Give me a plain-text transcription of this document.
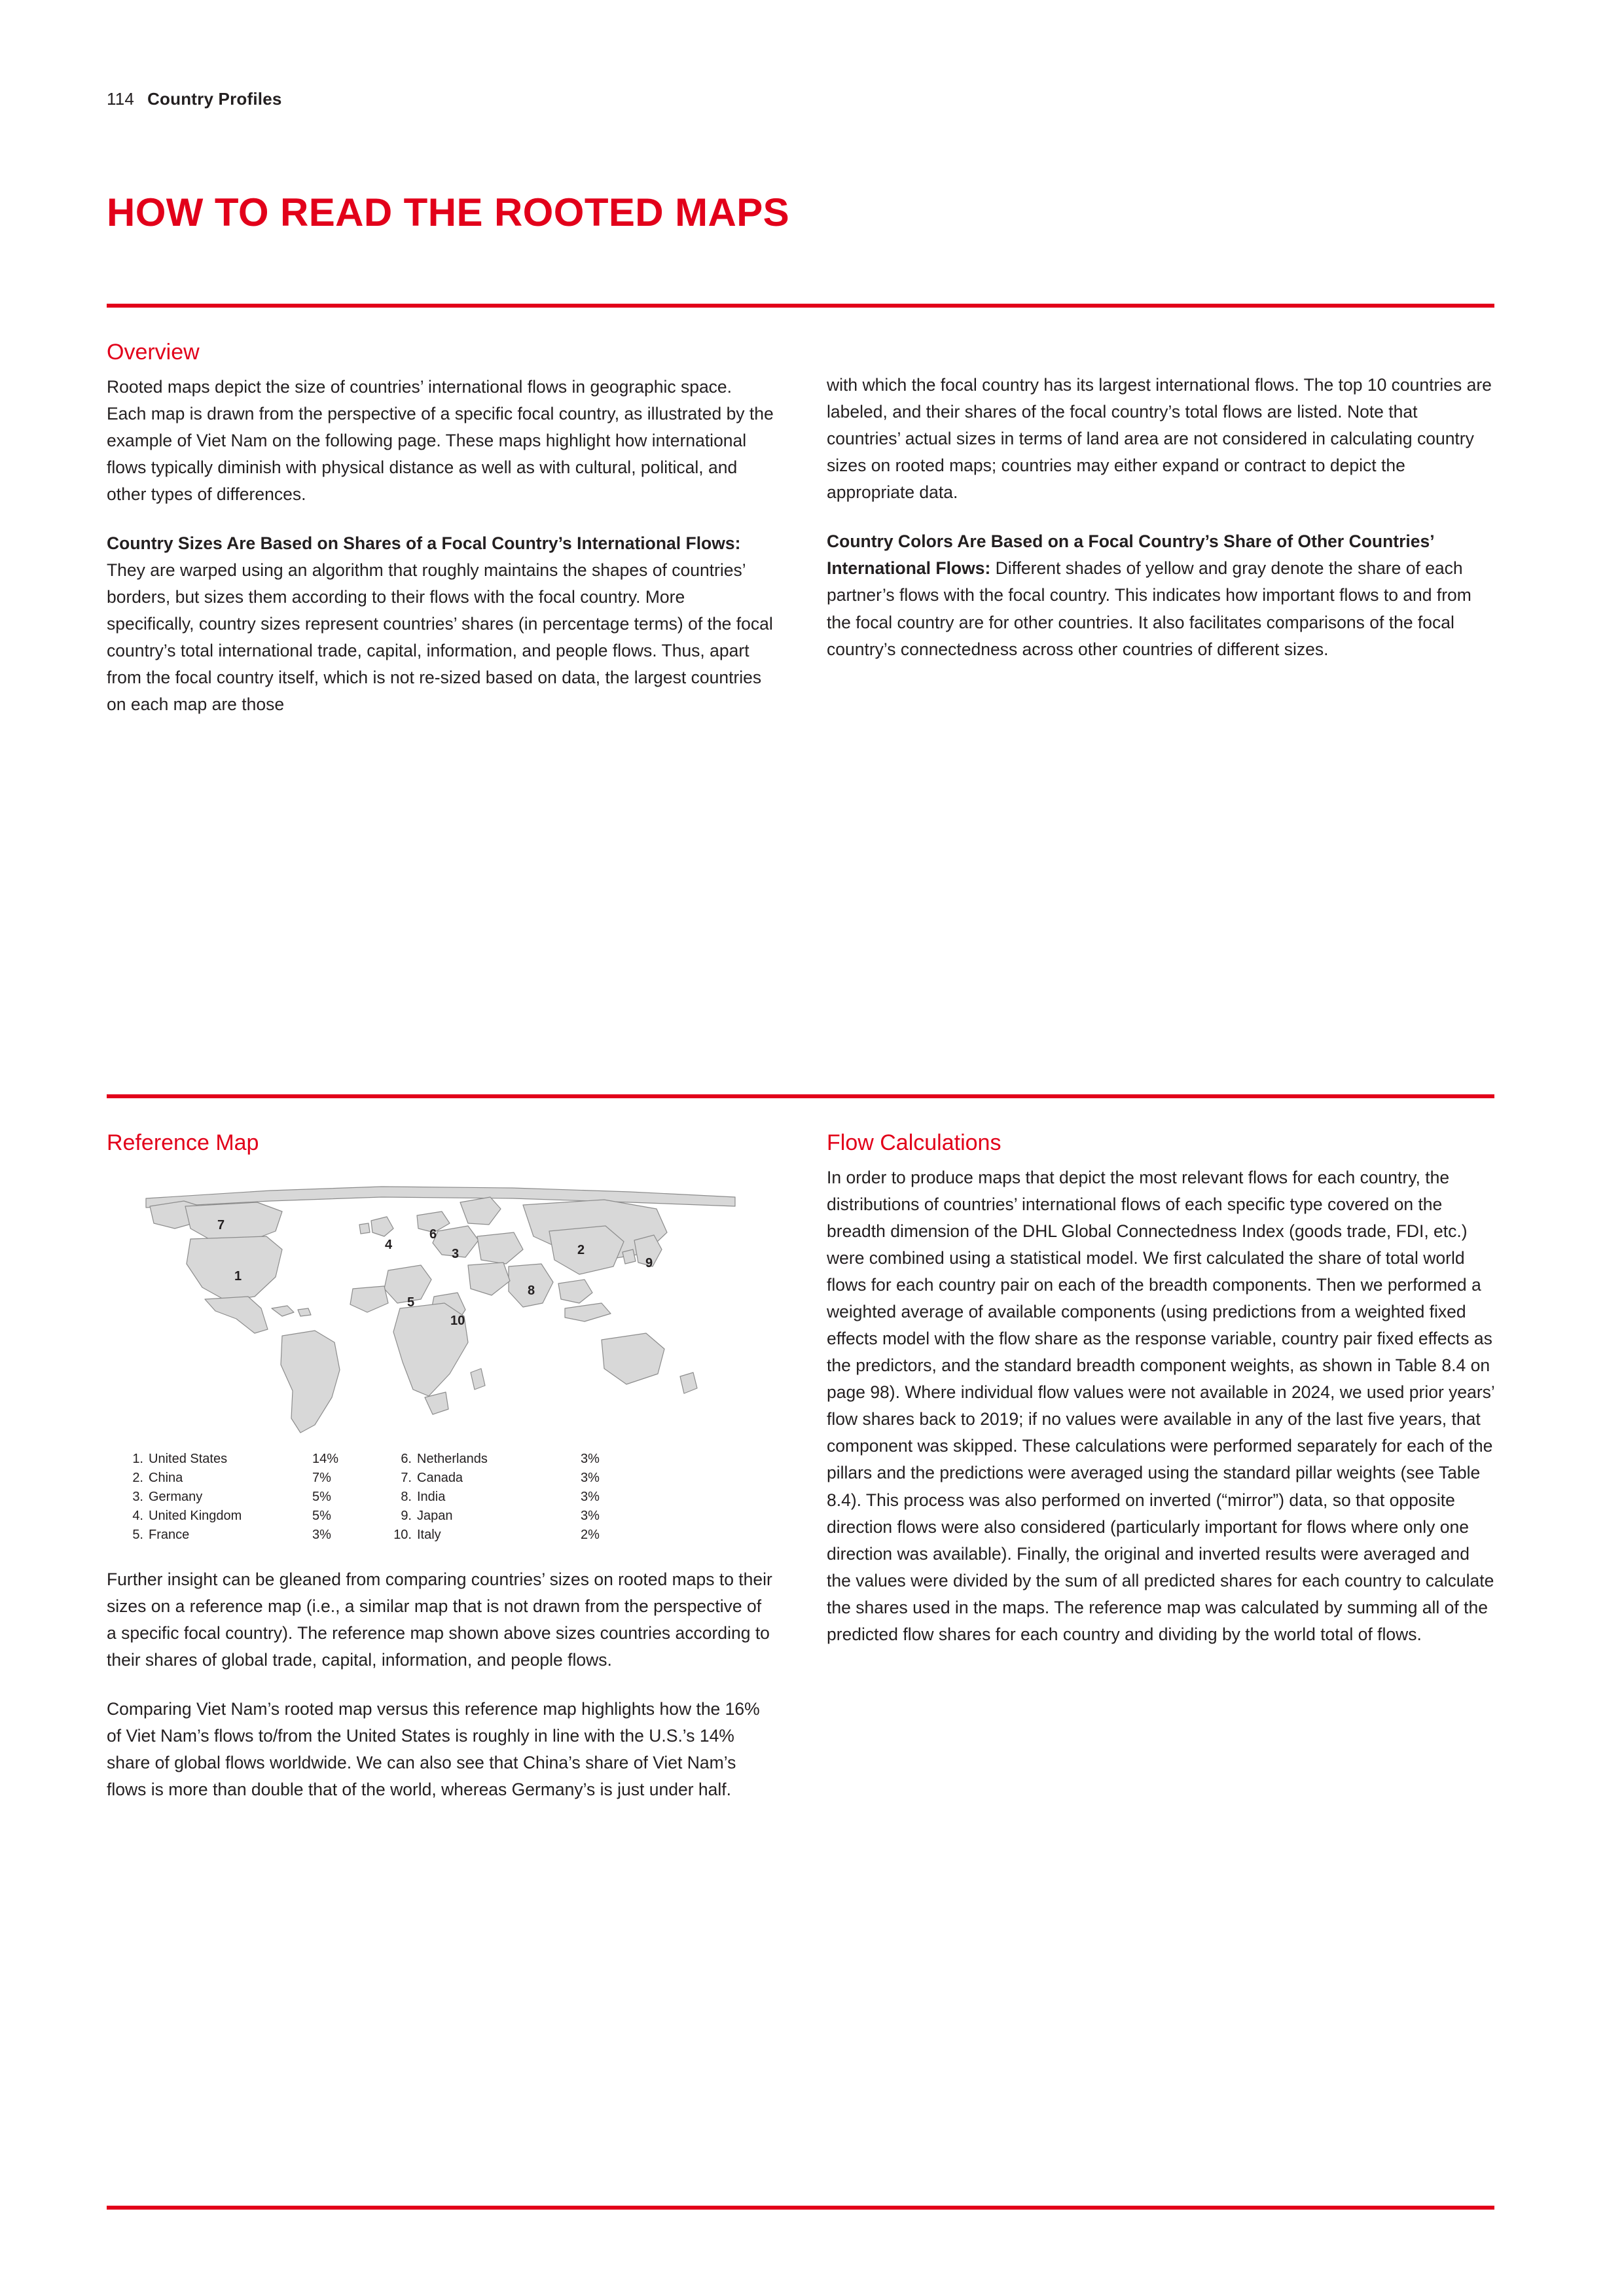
114 Country Profiles
HOW TO READ THE ROOTED MAPS
Overview

Rooted maps depict the size of countries’ international flows in geographic space. Each map is drawn from the perspective of a specific focal country, as illustrated by the example of Viet Nam on the following page. These maps highlight how international flows typically diminish with physical distance as well as with cultural, political, and other types of differences.

Country Sizes Are Based on Shares of a Focal Country’s International Flows: They are warped using an algorithm that roughly maintains the shapes of countries’ borders, but sizes them according to their flows with the focal country. More specifically, country sizes represent countries’ shares (in percentage terms) of the focal country’s total international trade, capital, information, and people flows. Thus, apart from the focal country itself, which is not re-sized based on data, the largest countries on each map are those

with which the focal country has its largest international flows. The top 10 countries are labeled, and their shares of the focal country’s total flows are listed. Note that countries’ actual sizes in terms of land area are not considered in calculating country sizes on rooted maps; countries may either expand or contract to depict the appropriate data.

Country Colors Are Based on a Focal Country’s Share of Other Countries’ International Flows: Different shades of yellow and gray denote the share of each partner’s flows with the focal country. This indicates how important flows to and from the focal country are for other countries. It also facilitates comparisons of the focal country’s connectedness across other countries of different sizes.

Reference Map
1
2
3
4
5
6
7
8
9
10
1. United States	14%
2. China	7%
3. Germany	5%
4. United Kingdom	5%
5. France	3%
6. Netherlands	3%
7. Canada	3%
8. India	3%
9. Japan	3%
10. Italy	2%

Further insight can be gleaned from comparing countries’ sizes on rooted maps to their sizes on a reference map (i.e., a similar map that is not drawn from the perspective of a specific focal country). The reference map shown above sizes countries according to their shares of global trade, capital, information, and people flows.

Comparing Viet Nam’s rooted map versus this reference map highlights how the 16% of Viet Nam’s flows to/from the United States is roughly in line with the U.S.’s 14% share of global flows worldwide. We can also see that China’s share of Viet Nam’s flows is more than double that of the world, whereas Germany’s is just under half.

Flow Calculations

In order to produce maps that depict the most relevant flows for each country, the distributions of countries’ international flows of each specific type covered on the breadth dimension of the DHL Global Connectedness Index (goods trade, FDI, etc.) were combined using a statistical model. We first calculated the share of total world flows for each country pair on each of the breadth components. Then we performed a weighted average of available components (using predictions from a weighted fixed effects model with the flow share as the response variable, country pair fixed effects as the predictors, and the standard breadth component weights, as shown in Table 8.4 on page 98). Where individual flow values were not available in 2024, we used prior years’ flow shares back to 2019; if no values were available in any of the last five years, that component was skipped. These calculations were performed separately for each of the pillars and the predictions were averaged using the standard pillar weights (see Table 8.4). This process was also performed on inverted (“mirror”) data, so that opposite direction flows were also considered (particularly important for flows where only one direction was available). Finally, the original and inverted results were averaged and the values were divided by the sum of all predicted shares for each country to calculate the shares used in the maps. The reference map was calculated by summing all of the predicted flow shares for each country and dividing by the world total of flows.
